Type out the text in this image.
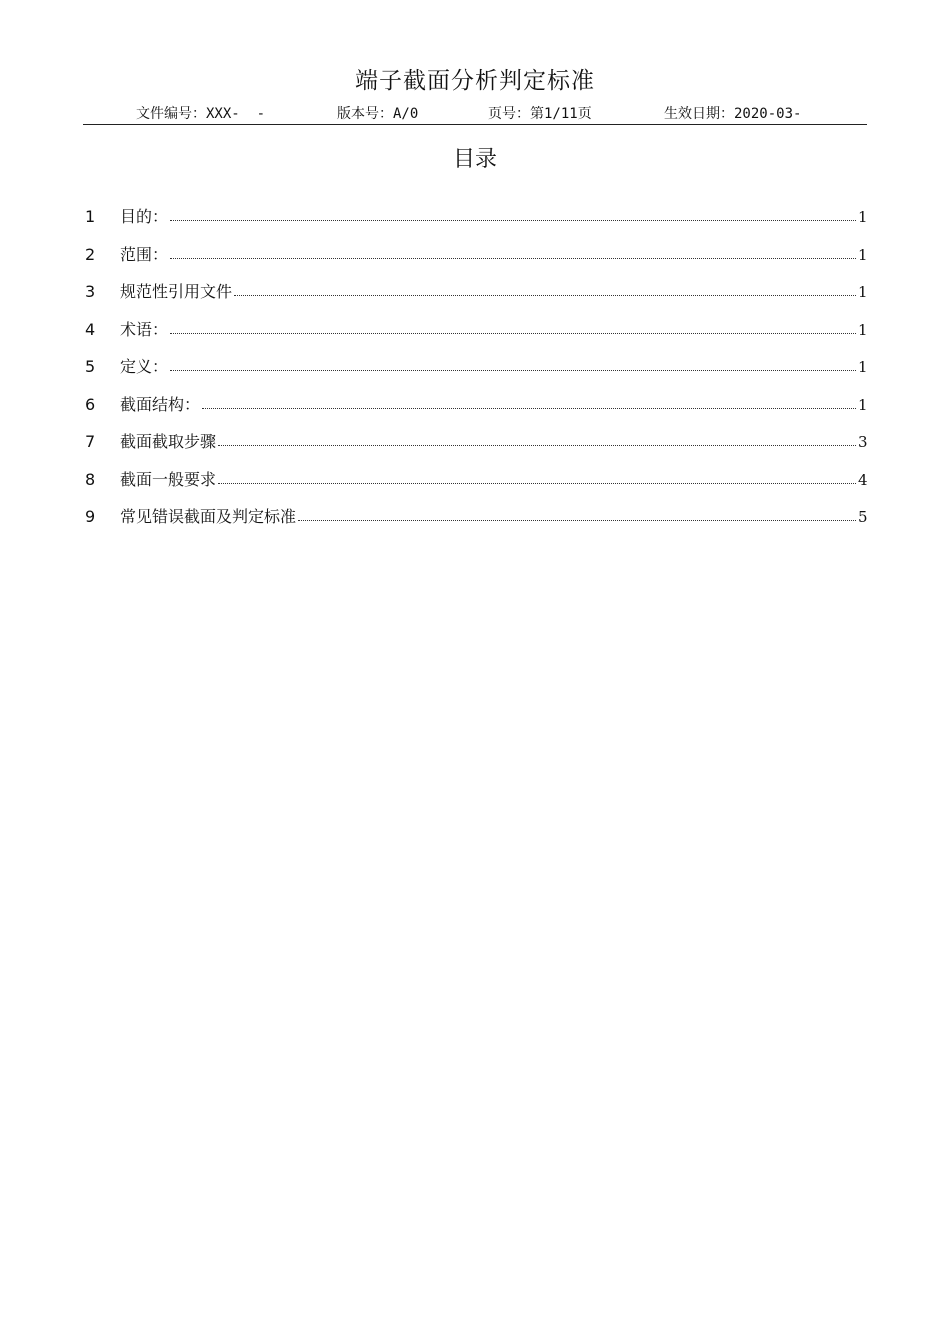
端子截面分析判定标准
文件编号：XXX-  -	版本号：A/0	页号：第1/11页	生效日期：2020-03-
目录
1	目的：	1
2	范围：	1
3	规范性引用文件	1
4	术语：	1
5	定义：	1
6	截面结构：	1
7	截面截取步骤	3
8	截面一般要求	4
9	常见错误截面及判定标准	5
